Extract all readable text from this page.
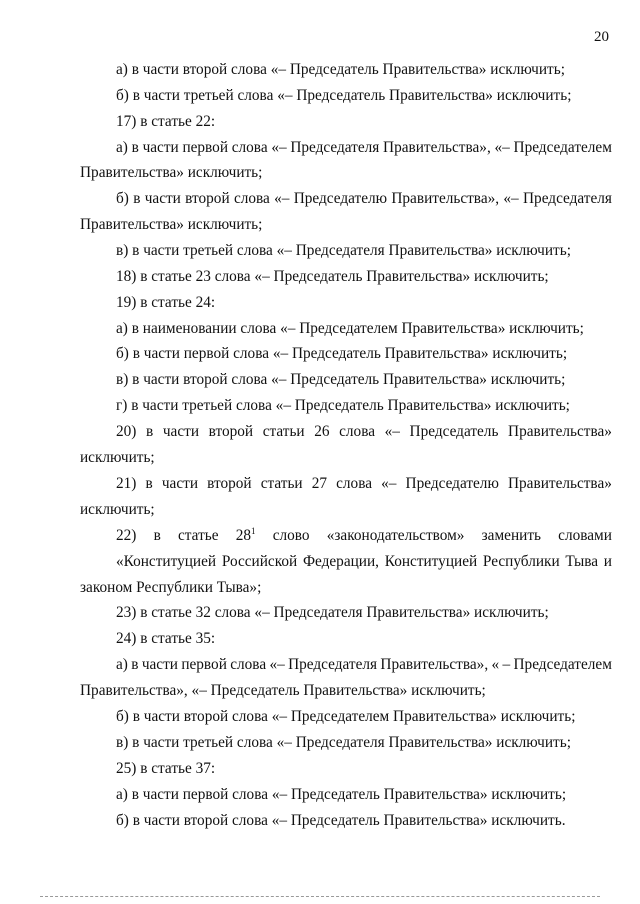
20
а) в части второй слова «– Председатель Правительства» исключить;
б) в части третьей слова «– Председатель Правительства» исключить;
17) в статье 22:
а) в части первой слова «– Председателя Правительства», «– Председателем
Правительства» исключить;
б) в части второй слова «– Председателю Правительства», «– Председателя
Правительства» исключить;
в) в части третьей слова «– Председателя Правительства» исключить;
18) в статье 23 слова «– Председатель Правительства» исключить;
19) в статье 24:
а) в наименовании слова «– Председателем Правительства» исключить;
б) в части первой слова «– Председатель Правительства» исключить;
в) в части второй слова «– Председатель Правительства» исключить;
г) в части третьей слова «– Председатель Правительства» исключить;
20) в части второй статьи 26 слова «– Председатель Правительства»
исключить;
21) в части второй статьи 27 слова «– Председателю Правительства»
исключить;
22) в статье $28^1$ слово «законодательством» заменить словами
«Конституцией Российской Федерации, Конституцией Республики Тыва и
законом Республики Тыва»;
23) в статье 32 слова «– Председателя Правительства» исключить;
24) в статье 35:
а) в части первой слова «– Председателя Правительства», « – Председателем
Правительства», «– Председатель Правительства» исключить;
б) в части второй слова «– Председателем Правительства» исключить;
в) в части третьей слова «– Председателя Правительства» исключить;
25) в статье 37:
а) в части первой слова «– Председатель Правительства» исключить;
б) в части второй слова «– Председатель Правительства» исключить.
